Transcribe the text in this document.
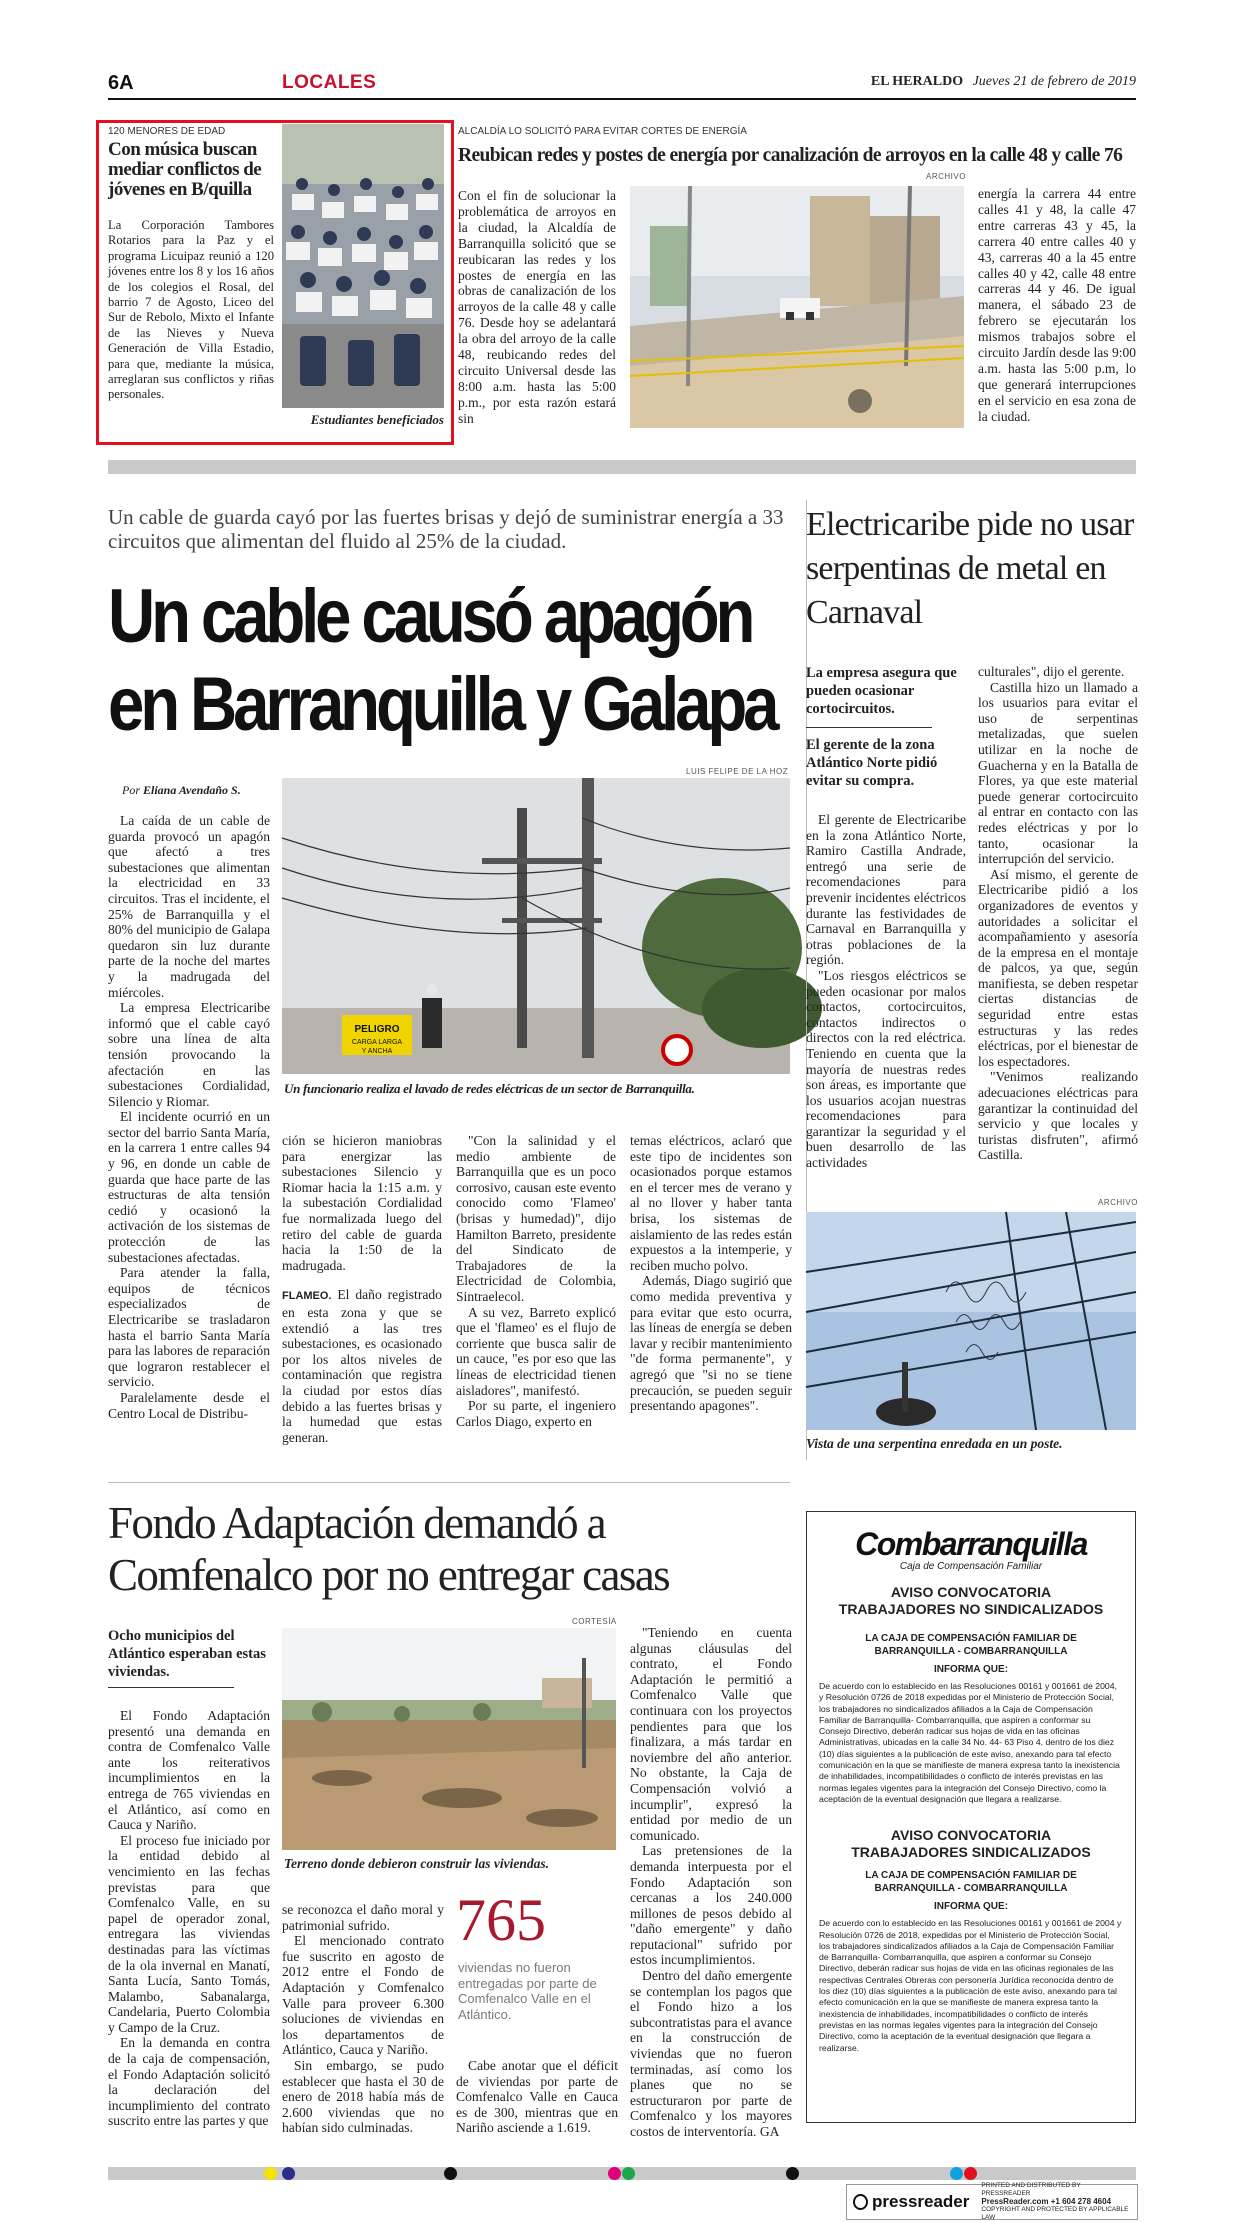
6A	LOCALES	EL HERALDO Jueves 21 de febrero de 2019
120 MENORES DE EDAD
Con música buscan mediar conflictos de jóvenes en B/quilla

La Corporación Tambores Rotarios para la Paz y el programa Licuipaz reunió a 120 jóvenes entre los 8 y los 16 años de los colegios el Rosal, del barrio 7 de Agosto, Liceo del Sur de Rebolo, Mixto el Infante de las Nieves y Nueva Generación de Villa Estadio, para que, mediante la música, arreglaran sus conflictos y riñas personales.

Estudiantes beneficiados
ALCALDÍA LO SOLICITÓ PARA EVITAR CORTES DE ENERGÍA
Reubican redes y postes de energía por canalización de arroyos en la calle 48 y calle 76
ARCHIVO

Con el fin de solucionar la problemática de arroyos en la ciudad, la Alcaldía de Barranquilla solicitó que se reubicaran las redes y los postes de energía en las obras de canalización de los arroyos de la calle 48 y calle 76. Desde hoy se adelantará la obra del arroyo de la calle 48, reubicando redes del circuito Universal desde las 8:00 a.m. hasta las 5:00 p.m., por esta razón estará sin

energía la carrera 44 entre calles 41 y 48, la calle 47 entre carreras 43 y 45, la carrera 40 entre calles 40 y 43, carreras 40 a la 45 entre calles 40 y 42, calle 48 entre carreras 44 y 46. De igual manera, el sábado 23 de febrero se ejecutarán los mismos trabajos sobre el circuito Jardín desde las 9:00 a.m. hasta las 5:00 p.m, lo que generará interrupciones en el servicio en esa zona de la ciudad.

Un cable de guarda cayó por las fuertes brisas y dejó de suministrar energía a 33 circuitos que alimentan del fluido al 25% de la ciudad.
Un cable causó apagón en Barranquilla y Galapa
LUIS FELIPE DE LA HOZ
Por Eliana Avendaño S.
PELIGRO
CARGA LARGA
Y ANCHA
Un funcionario realiza el lavado de redes eléctricas de un sector de Barranquilla.

La caída de un cable de guarda provocó un apagón que afectó a tres subestaciones que alimentan la electricidad en 33 circuitos. Tras el incidente, el 25% de Barranquilla y el 80% del municipio de Galapa quedaron sin luz durante parte de la noche del martes y la madrugada del miércoles.

La empresa Electricaribe informó que el cable cayó sobre una línea de alta tensión provocando la afectación en las subestaciones Cordialidad, Silencio y Riomar.

El incidente ocurrió en un sector del barrio Santa María, en la carrera 1 entre calles 94 y 96, en donde un cable de guarda que hace parte de las estructuras de alta tensión cedió y ocasionó la activación de los sistemas de protección de las subestaciones afectadas.

Para atender la falla, equipos de técnicos especializados de Electricaribe se trasladaron hasta el barrio Santa María para las labores de reparación que lograron restablecer el servicio.

Paralelamente desde el Centro Local de Distribu-

ción se hicieron maniobras para energizar las subestaciones Silencio y Riomar hacia la 1:15 a.m. y la subestación Cordialidad fue normalizada luego del retiro del cable de guarda hacia la 1:50 de la madrugada.

FLAMEO. El daño registrado en esta zona y que se extendió a las tres subestaciones, es ocasionado por los altos niveles de contaminación que registra la ciudad por estos días debido a las fuertes brisas y la humedad que estas generan.

"Con la salinidad y el medio ambiente de Barranquilla que es un poco corrosivo, causan este evento conocido como 'Flameo' (brisas y humedad)", dijo Hamilton Barreto, presidente del Sindicato de Trabajadores de la Electricidad de Colombia, Sintraelecol.

A su vez, Barreto explicó que el 'flameo' es el flujo de corriente que busca salir de un cauce, "es por eso que las líneas de electricidad tienen aisladores", manifestó.

Por su parte, el ingeniero Carlos Diago, experto en

temas eléctricos, aclaró que este tipo de incidentes son ocasionados porque estamos en el tercer mes de verano y al no llover y haber tanta brisa, los sistemas de aislamiento de las redes están expuestos a la intemperie, y reciben mucho polvo.

Además, Diago sugirió que como medida preventiva y para evitar que esto ocurra, las líneas de energía se deben lavar y recibir mantenimiento "de forma permanente", y agregó que "si no se tiene precaución, se pueden seguir presentando apagones".

Electricaribe pide no usar serpentinas de metal en Carnaval
La empresa asegura que pueden ocasionar cortocircuitos.
El gerente de la zona Atlántico Norte pidió evitar su compra.

El gerente de Electricaribe en la zona Atlántico Norte, Ramiro Castilla Andrade, entregó una serie de recomendaciones para prevenir incidentes eléctricos durante las festividades de Carnaval en Barranquilla y otras poblaciones de la región.

"Los riesgos eléctricos se pueden ocasionar por malos contactos, cortocircuitos, contactos indirectos o directos con la red eléctrica. Teniendo en cuenta que la mayoría de nuestras redes son áreas, es importante que los usuarios acojan nuestras recomendaciones para garantizar la seguridad y el buen desarrollo de las actividades

culturales", dijo el gerente.

Castilla hizo un llamado a los usuarios para evitar el uso de serpentinas metalizadas, que suelen utilizar en la noche de Guacherna y en la Batalla de Flores, ya que este material puede generar cortocircuito al entrar en contacto con las redes eléctricas y por lo tanto, ocasionar la interrupción del servicio.

Así mismo, el gerente de Electricaribe pidió a los organizadores de eventos y autoridades a solicitar el acompañamiento y asesoría de la empresa en el montaje de palcos, ya que, según manifiesta, se deben respetar ciertas distancias de seguridad entre estas estructuras y las redes eléctricas, por el bienestar de los espectadores.

"Venimos realizando adecuaciones eléctricas para garantizar la continuidad del servicio y que locales y turistas disfruten", afirmó Castilla.

ARCHIVO
Vista de una serpentina enredada en un poste.
Fondo Adaptación demandó a Comfenalco por no entregar casas
Ocho municipios del Atlántico esperaban estas viviendas.
CORTESÍA
Terreno donde debieron construir las viviendas.

El Fondo Adaptación presentó una demanda en contra de Comfenalco Valle ante los reiterativos incumplimientos en la entrega de 765 viviendas en el Atlántico, así como en Cauca y Nariño.

El proceso fue iniciado por la entidad debido al vencimiento en las fechas previstas para que Comfenalco Valle, en su papel de operador zonal, entregara las viviendas destinadas para las víctimas de la ola invernal en Manatí, Santa Lucía, Santo Tomás, Malambo, Sabanalarga, Candelaria, Puerto Colombia y Campo de la Cruz.

En la demanda en contra de la caja de compensación, el Fondo Adaptación solicitó la declaración del incumplimiento del contrato suscrito entre las partes y que

se reconozca el daño moral y patrimonial sufrido.

El mencionado contrato fue suscrito en agosto de 2012 entre el Fondo de Adaptación y Comfenalco Valle para proveer 6.300 soluciones de viviendas en los departamentos de Atlántico, Cauca y Nariño.

Sin embargo, se pudo establecer que hasta el 30 de enero de 2018 había más de 2.600 viviendas que no habían sido culminadas.

765
viviendas no fueron entregadas por parte de Comfenalco Valle en el Atlántico.

Cabe anotar que el déficit de viviendas por parte de Comfenalco Valle en Cauca es de 300, mientras que en Nariño asciende a 1.619.

"Teniendo en cuenta algunas cláusulas del contrato, el Fondo Adaptación le permitió a Comfenalco Valle que continuara con los proyectos pendientes para que los finalizara, a más tardar en noviembre del año anterior. No obstante, la Caja de Compensación volvió a incumplir", expresó la entidad por medio de un comunicado.

Las pretensiones de la demanda interpuesta por el Fondo Adaptación son cercanas a los 240.000 millones de pesos debido al "daño emergente" y daño reputacional" sufrido por estos incumplimientos.

Dentro del daño emergente se contemplan los pagos que el Fondo hizo a los subcontratistas para el avance en la construcción de viviendas que no fueron terminadas, así como los planes que no se estructuraron por parte de Comfenalco y los mayores costos de interventoría. GA

Combarranquilla
Caja de Compensación Familiar
AVISO CONVOCATORIA TRABAJADORES NO SINDICALIZADOS
LA CAJA DE COMPENSACIÓN FAMILIAR DE BARRANQUILLA - COMBARRANQUILLA
INFORMA QUE:
De acuerdo con lo establecido en las Resoluciones 00161 y 001661 de 2004, y Resolución 0726 de 2018 expedidas por el Ministerio de Protección Social, los trabajadores no sindicalizados afiliados a la Caja de Compensación Familiar de Barranquilla- Combarranquilla, que aspiren a conformar su Consejo Directivo, deberán radicar sus hojas de vida en las oficinas Administrativas, ubicadas en la calle 34 No. 44- 63 Piso 4, dentro de los diez (10) días siguientes a la publicación de este aviso, anexando para tal efecto comunicación en la que se manifieste de manera expresa tanto la inexistencia de inhabilidades, incompatibilidades o conflicto de interés previstas en las normas legales vigentes para la integración del Consejo Directivo, como la aceptación de la eventual designación que llegara a realizarse.
AVISO CONVOCATORIA TRABAJADORES SINDICALIZADOS
LA CAJA DE COMPENSACIÓN FAMILIAR DE BARRANQUILLA - COMBARRANQUILLA
INFORMA QUE:
De acuerdo con lo establecido en las Resoluciones 00161 y 001661 de 2004 y Resolución 0726 de 2018, expedidas por el Ministerio de Protección Social, los trabajadores sindicalizados afiliados a la Caja de Compensación Familiar de Barranquilla- Combarranquilla, que aspiren a conformar su Consejo Directivo, deberán radicar sus hojas de vida en las oficinas regionales de las respectivas Centrales Obreras con personería Jurídica reconocida dentro de los diez (10) días siguientes a la publicación de este aviso, anexando para tal efecto comunicación en la que se manifieste de manera expresa tanto la inexistencia de inhabilidades, incompatibilidades o conflicto de interés previstas en las normas legales vigentes para la integración del Consejo Directivo, como la aceptación de la eventual designación que llegara a realizarse.
pressreader
PRINTED AND DISTRIBUTED BY PRESSREADER
PressReader.com +1 604 278 4604
COPYRIGHT AND PROTECTED BY APPLICABLE LAW
